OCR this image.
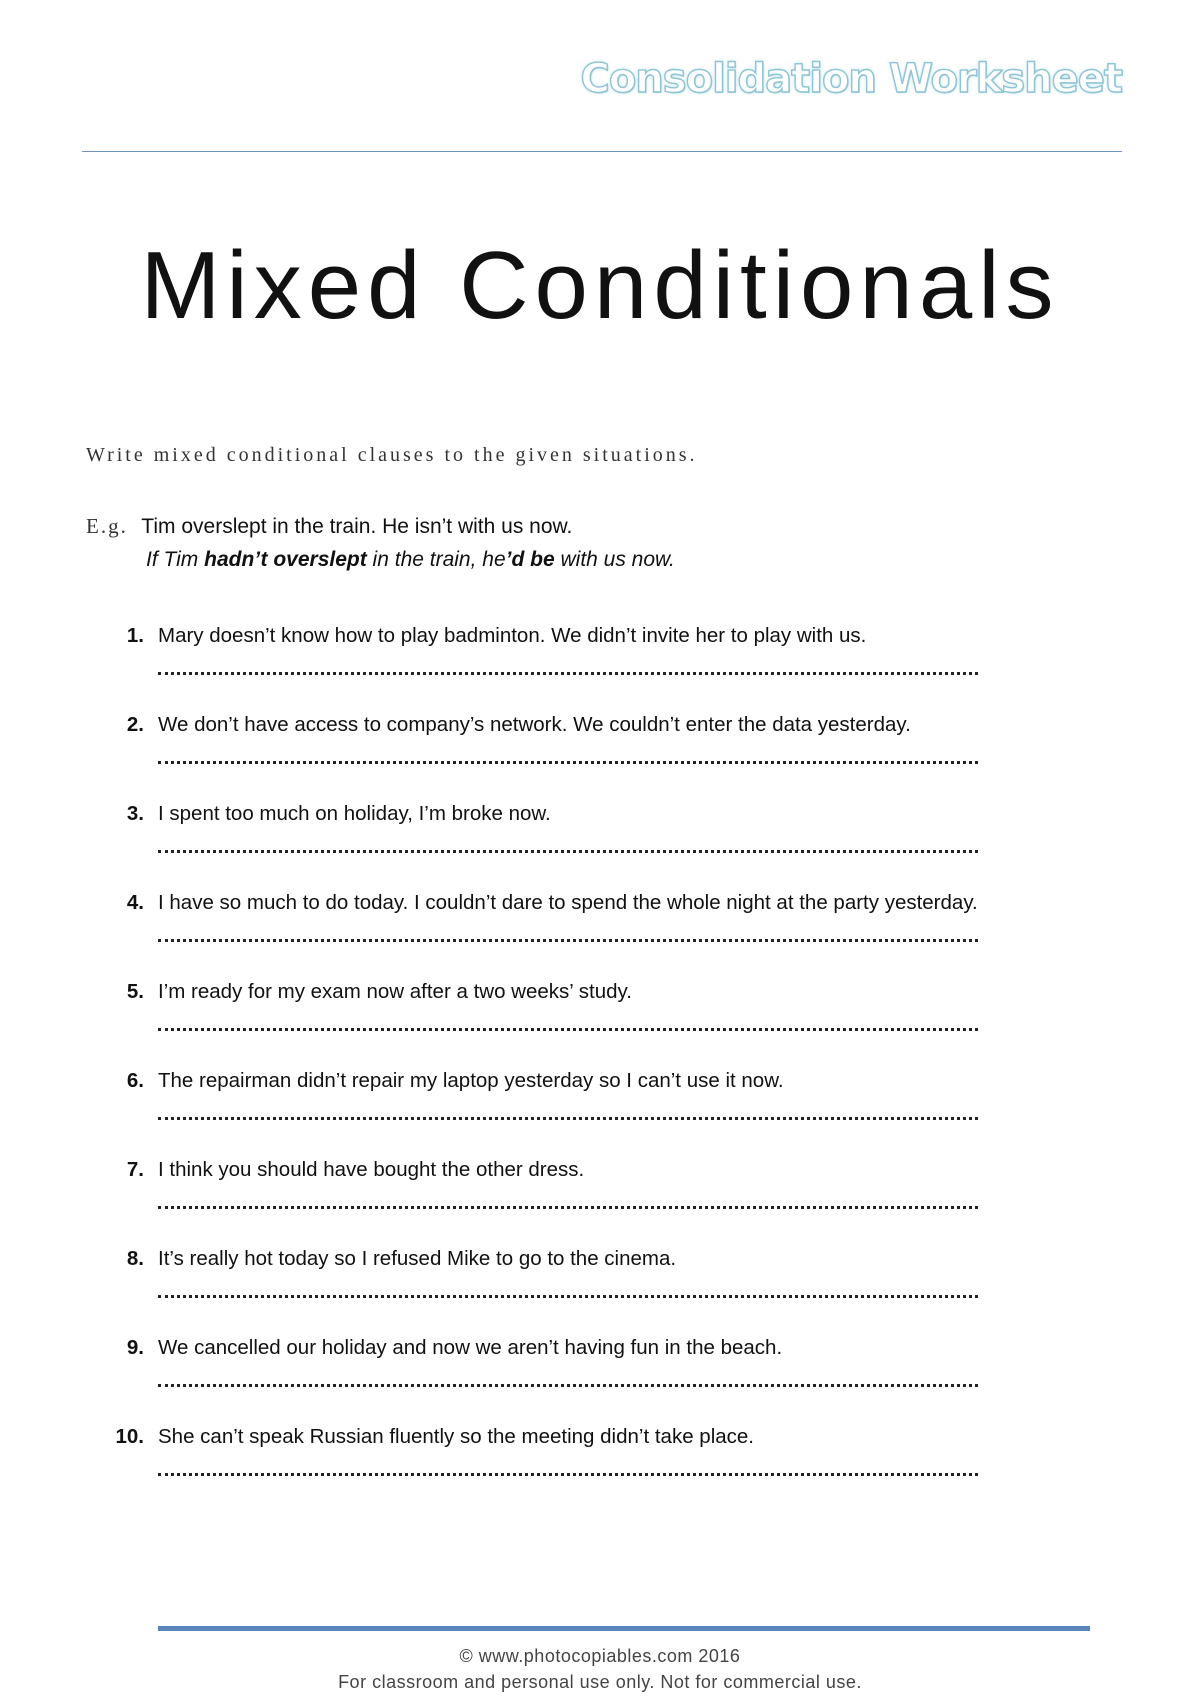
Consolidation Worksheet
Mixed Conditionals
Write mixed conditional clauses to the given situations.
E.g. Tim overslept in the train. He isn’t with us now.
If Tim hadn’t overslept in the train, he’d be with us now.
1. Mary doesn’t know how to play badminton. We didn’t invite her to play with us.
2. We don’t have access to company’s network. We couldn’t enter the data yesterday.
3. I spent too much on holiday, I’m broke now.
4. I have so much to do today. I couldn’t dare to spend the whole night at the party yesterday.
5. I’m ready for my exam now after a two weeks’ study.
6. The repairman didn’t repair my laptop yesterday so I can’t use it now.
7. I think you should have bought the other dress.
8. It’s really hot today so I refused Mike to go to the cinema.
9. We cancelled our holiday and now we aren’t having fun in the beach.
10. She can’t speak Russian fluently so the meeting didn’t take place.
© www.photocopiables.com 2016
For classroom and personal use only. Not for commercial use.
